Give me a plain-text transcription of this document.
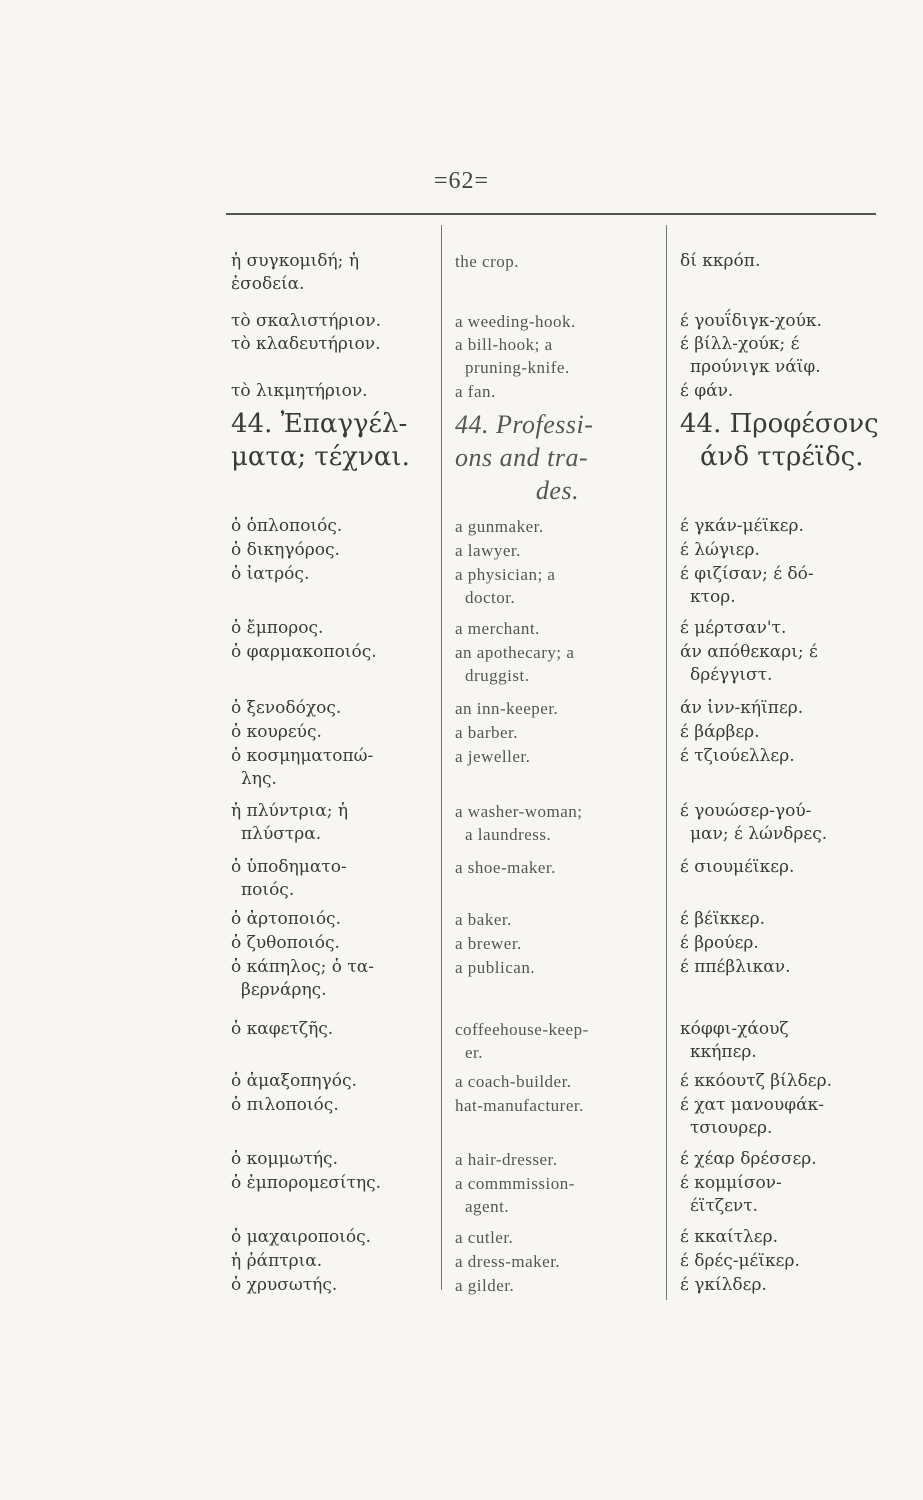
=62=
ἡ συγκομιδή; ἡ
ἐσοδεία.
τὸ σκαλιστήριον.
τὸ κλαδευτήριον.
τὸ λικμητήριον.
44. Ἐπαγγέλ-
ματα; τέχναι.
ὁ ὁπλοποιός.
ὁ δικηγόρος.
ὁ ἰατρός.
ὁ ἔμπορος.
ὁ φαρμακοποιός.
ὁ ξενοδόχος.
ὁ κουρεύς.
ὁ κοσμηματοπώ-
λης.
ἡ πλύντρια; ἡ
πλύστρα.
ὁ ὑποδηματο-
ποιός.
ὁ ἀρτοποιός.
ὁ ζυθοποιός.
ὁ κάπηλος; ὁ τα-
βερνάρης.
ὁ καφετζῆς.
ὁ ἁμαξοπηγός.
ὁ πιλοποιός.
ὁ κομμωτής.
ὁ ἐμπορομεσίτης.
ὁ μαχαιροποιός.
ἡ ῥάπτρια.
ὁ χρυσωτής.
the crop.
a weeding-hook.
a bill-hook; a
pruning-knife.
a fan.
44. Professi-
ons and tra-
des.
a gunmaker.
a lawyer.
a physician; a
doctor.
a merchant.
an apothecary; a
druggist.
an inn-keeper.
a barber.
a jeweller.
a washer-woman;
a laundress.
a shoe-maker.
a baker.
a brewer.
a publican.
coffeehouse-keep-
er.
a coach-builder.
hat-manufacturer.
a hair-dresser.
a commmission-
agent.
a cutler.
a dress-maker.
a gilder.
δί κκρόπ.
έ γουΐδιγκ-χούκ.
έ βίλλ-χούκ; έ
προύνιγκ νάϊφ.
έ φάν.
44. Προφέσονς
άνδ ττρέϊδς.
έ γκάν-μέϊκερ.
έ λώγιερ.
έ φιζίσαν; έ δό-
κτορ.
έ μέρτσαν'τ.
άν απόθεκαρι; έ
δρέγγιστ.
άν ἰνν-κήϊπερ.
έ βάρβερ.
έ τζιούελλερ.
έ γουώσερ-γού-
μαν; έ λώνδρες.
έ σιουμέϊκερ.
έ βέϊκκερ.
έ βρούερ.
έ ππέβλικαν.
κόφφι-χάουζ
κκήπερ.
έ κκόουτζ βίλδερ.
έ χατ μανουφάκ-
τσιουρερ.
έ χέαρ δρέσσερ.
έ κομμίσον-
έϊτζεντ.
έ κκαίτλερ.
έ δρές-μέϊκερ.
έ γκίλδερ.
